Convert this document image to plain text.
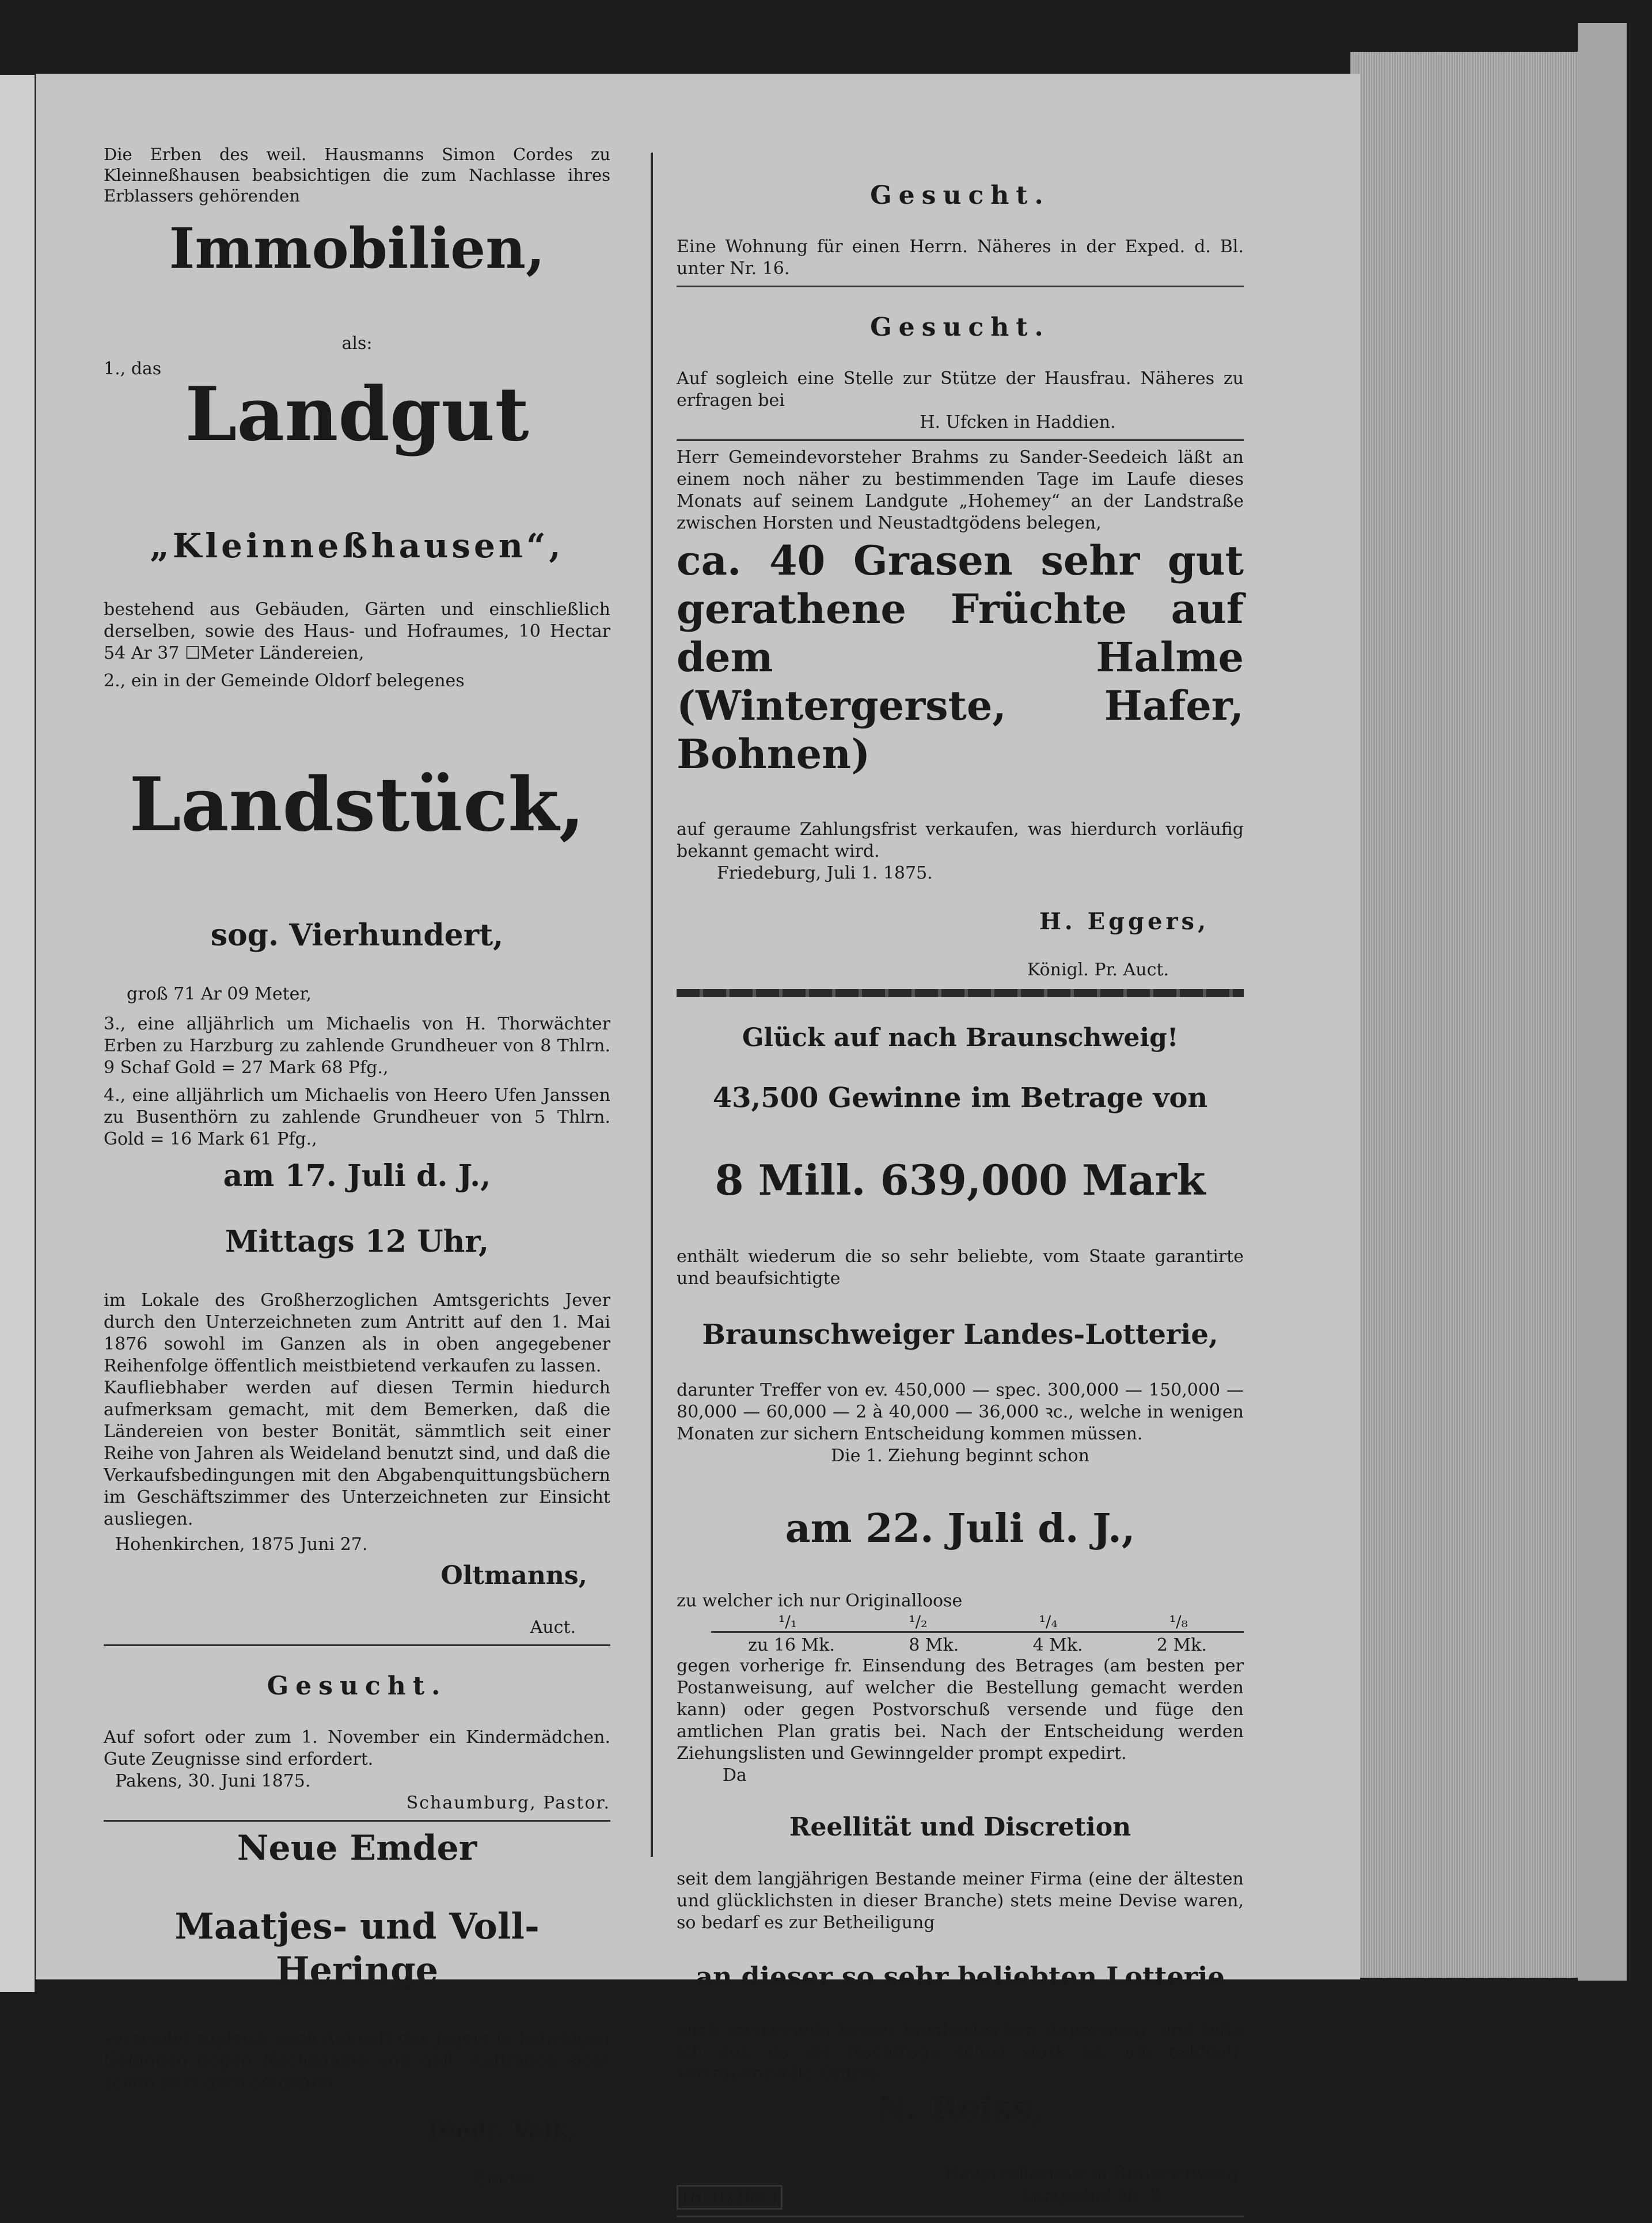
Die Erben des weil. Hausmanns Simon Cordes zu Kleinneßhausen beabsichtigen die zum Nachlasse ihres Erblassers gehörenden

Immobilien,

als:

1., das

Landgut

„Kleinneßhausen“,

bestehend aus Gebäuden, Gärten und einschließlich derselben, sowie des Haus- und Hofraumes, 10 Hectar 54 Ar 37 ☐Meter Ländereien,

2., ein in der Gemeinde Oldorf belegenes

Landstück,

sog. Vierhundert,

groß 71 Ar 09 Meter,

3., eine alljährlich um Michaelis von H. Thorwächter Erben zu Harzburg zu zahlende Grundheuer von 8 Thlrn. 9 Schaf Gold = 27 Mark 68 Pfg.,

4., eine alljährlich um Michaelis von Heero Ufen Janssen zu Busenthörn zu zahlende Grundheuer von 5 Thlrn. Gold = 16 Mark 61 Pfg.,

am 17. Juli d. J.,

Mittags 12 Uhr,

im Lokale des Großherzoglichen Amtsgerichts Jever durch den Unterzeichneten zum Antritt auf den 1. Mai 1876 sowohl im Ganzen als in oben angegebener Reihenfolge öffentlich meistbietend verkaufen zu lassen.

Kaufliebhaber werden auf diesen Termin hiedurch aufmerksam gemacht, mit dem Bemerken, daß die Ländereien von bester Bonität, sämmtlich seit einer Reihe von Jahren als Weideland benutzt sind, und daß die Verkaufsbedingungen mit den Abgabenquittungsbüchern im Geschäftszimmer des Unterzeichneten zur Einsicht ausliegen.

Hohenkirchen, 1875 Juni 27.

Oltmanns,

Auct.

Gesucht.

Auf sofort oder zum 1. November ein Kindermädchen. Gute Zeugnisse sind erfordert.

Pakens, 30. Juni 1875.

Schaumburg, Pastor.

Neue Emder

Maatjes- und Voll-Heringe

versendet sogleich nach Ankunft des Jagers in beliebigen Gebinden gegen Nachnahme und gefl. Aufträgen sieht schon jetzt gern entgegen

Diedr. Valk,

Emden.

Gesucht.

Eine Wohnung für einen Herrn. Näheres in der Exped. d. Bl. unter Nr. 16.

Gesucht.

Auf sogleich eine Stelle zur Stütze der Hausfrau. Näheres zu erfragen bei

H. Ufcken in Haddien.

Herr Gemeindevorsteher Brahms zu Sander-Seedeich läßt an einem noch näher zu bestimmenden Tage im Laufe dieses Monats auf seinem Landgute „Hohemey“ an der Landstraße zwischen Horsten und Neustadtgödens belegen,

ca. 40 Grasen sehr gut gerathene Früchte auf dem Halme (Wintergerste, Hafer, Bohnen)

auf geraume Zahlungsfrist verkaufen, was hierdurch vorläufig bekannt gemacht wird.

Friedeburg, Juli 1. 1875.

H. Eggers,

Königl. Pr. Auct.

Glück auf nach Braunschweig!

43,500 Gewinne im Betrage von

8 Mill. 639,000 Mark

enthält wiederum die so sehr beliebte, vom Staate garantirte und beaufsichtigte

Braunschweiger Landes-Lotterie,

darunter Treffer von ev. 450,000 — spec. 300,000 — 150,000 — 80,000 — 60,000 — 2 à 40,000 — 36,000 ꝛc., welche in wenigen Monaten zur sichern Entscheidung kommen müssen.

Die 1. Ziehung beginnt schon

am 22. Juli d. J.,

zu welcher ich nur Originalloose

¹/₁	¹/₂	¹/₄	¹/₈
zu 16 Mk.	8 Mk.	4 Mk.	2 Mk.

gegen vorherige fr. Einsendung des Betrages (am besten per Postanweisung, auf welcher die Bestellung gemacht werden kann) oder gegen Postvorschuß versende und füge den amtlichen Plan gratis bei. Nach der Entscheidung werden Ziehungslisten und Gewinngelder prompt expedirt.

Da

Reellität und Discretion

seit dem langjährigen Bestande meiner Firma (eine der ältesten und glücklichsten in dieser Branche) stets meine Devise waren, so bedarf es zur Betheiligung

an dieser so sehr beliebten Lotterie

auch meinerseits keiner bombastischen Anpreisung, und bitte ich nur, da die Nachfrage schon stark ist, um baldgefl. vertrauensvolle Ordres.

N. Reiss,

[H. 02280.]

Hauptcollecteur in Braunschweig,

Langerhof Nr. 8.
